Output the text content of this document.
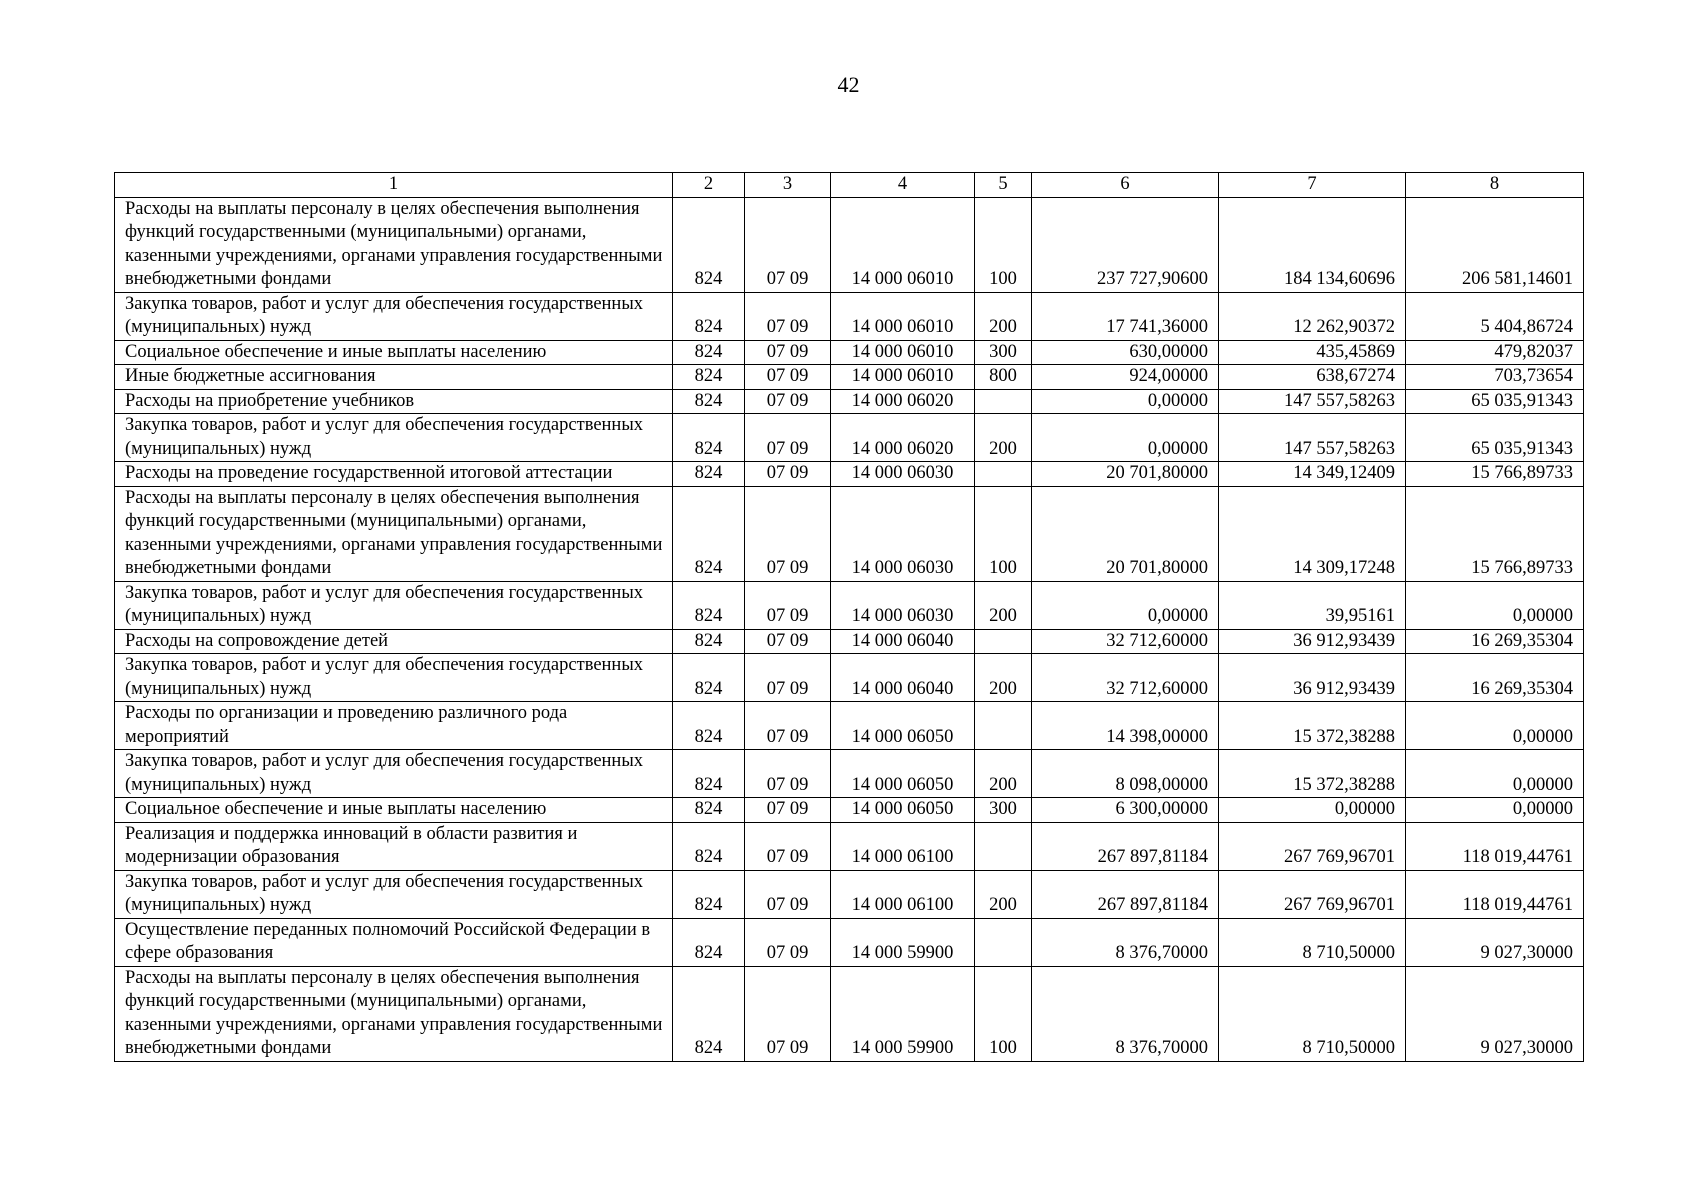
42
1	2	3	4	5	6	7	8
Расходы на выплаты персоналу в целях обеспечения выполнения функций государственными (муниципальными) органами, казенными учреждениями, органами управления государственными внебюджетными фондами	824	07 09	14 000 06010	100	237 727,90600	184 134,60696	206 581,14601
Закупка товаров, работ и услуг для обеспечения государственных (муниципальных) нужд	824	07 09	14 000 06010	200	17 741,36000	12 262,90372	5 404,86724
Социальное обеспечение и иные выплаты населению	824	07 09	14 000 06010	300	630,00000	435,45869	479,82037
Иные бюджетные ассигнования	824	07 09	14 000 06010	800	924,00000	638,67274	703,73654
Расходы на приобретение учебников	824	07 09	14 000 06020		0,00000	147 557,58263	65 035,91343
Закупка товаров, работ и услуг для обеспечения государственных (муниципальных) нужд	824	07 09	14 000 06020	200	0,00000	147 557,58263	65 035,91343
Расходы на проведение государственной итоговой аттестации	824	07 09	14 000 06030		20 701,80000	14 349,12409	15 766,89733
Расходы на выплаты персоналу в целях обеспечения выполнения функций государственными (муниципальными) органами, казенными учреждениями, органами управления государственными внебюджетными фондами	824	07 09	14 000 06030	100	20 701,80000	14 309,17248	15 766,89733
Закупка товаров, работ и услуг для обеспечения государственных (муниципальных) нужд	824	07 09	14 000 06030	200	0,00000	39,95161	0,00000
Расходы на сопровождение детей	824	07 09	14 000 06040		32 712,60000	36 912,93439	16 269,35304
Закупка товаров, работ и услуг для обеспечения государственных (муниципальных) нужд	824	07 09	14 000 06040	200	32 712,60000	36 912,93439	16 269,35304
Расходы по организации и проведению различного рода мероприятий	824	07 09	14 000 06050		14 398,00000	15 372,38288	0,00000
Закупка товаров, работ и услуг для обеспечения государственных (муниципальных) нужд	824	07 09	14 000 06050	200	8 098,00000	15 372,38288	0,00000
Социальное обеспечение и иные выплаты населению	824	07 09	14 000 06050	300	6 300,00000	0,00000	0,00000
Реализация и поддержка инноваций в области развития и модернизации образования	824	07 09	14 000 06100		267 897,81184	267 769,96701	118 019,44761
Закупка товаров, работ и услуг для обеспечения государственных (муниципальных) нужд	824	07 09	14 000 06100	200	267 897,81184	267 769,96701	118 019,44761
Осуществление переданных полномочий Российской Федерации в сфере образования	824	07 09	14 000 59900		8 376,70000	8 710,50000	9 027,30000
Расходы на выплаты персоналу в целях обеспечения выполнения функций государственными (муниципальными) органами, казенными учреждениями, органами управления государственными внебюджетными фондами	824	07 09	14 000 59900	100	8 376,70000	8 710,50000	9 027,30000
